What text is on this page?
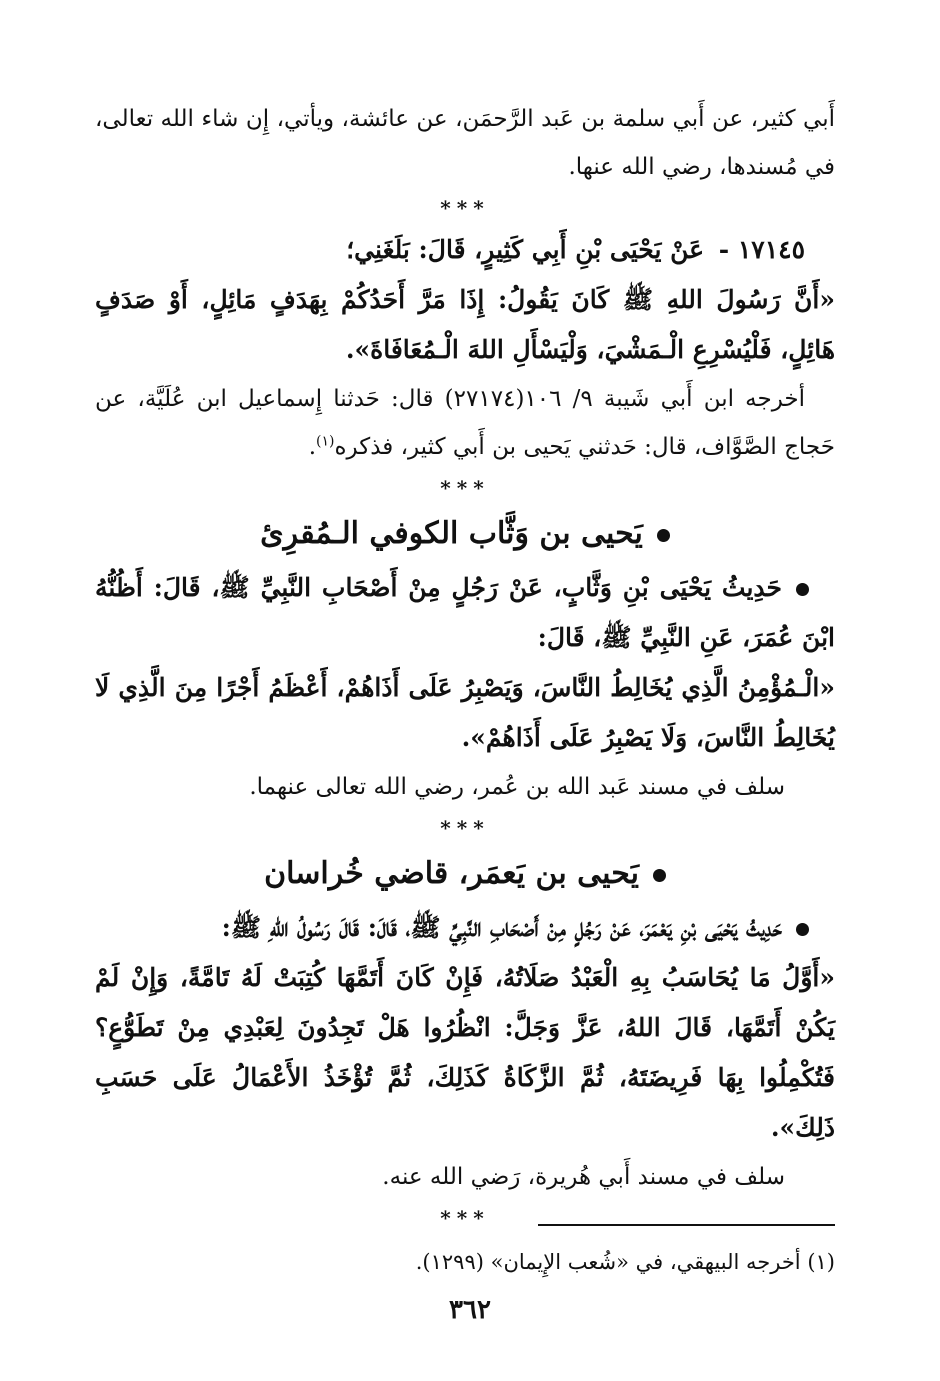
أَبي كثير، عن أَبي سلمة بن عَبد الرَّحمَن، عن عائشة، ويأتي، إِن شاء الله تعالى، في مُسندها، رضي الله عنها.

***

١٧١٤٥ - عَنْ يَحْيَى بْنِ أَبِي كَثِيرٍ، قَالَ: بَلَغَنِي؛

«أَنَّ رَسُولَ اللهِ ﷺ كَانَ يَقُولُ: إِذَا مَرَّ أَحَدُكُمْ بِهَدَفٍ مَائِلٍ، أَوْ صَدَفٍ هَائِلٍ، فَلْيُسْرِعِ الْـمَشْيَ، وَلْيَسْأَلِ اللهَ الْـمُعَافَاةَ».

أخرجه ابن أَبي شَيبة ٩/ ١٠٦(٢٧١٧٤) قال: حَدثنا إِسماعيل ابن عُلَيَّة، عن حَجاج الصَّوَّاف، قال: حَدثني يَحيى بن أَبي كثير، فذكره$^{(١)}$.

***
يَحيى بن وَثَّاب الكوفي الـمُقرِئ

حَدِيثُ يَحْيَى بْنِ وَثَّابٍ، عَنْ رَجُلٍ مِنْ أَصْحَابِ النَّبِيِّ ﷺ، قَالَ: أَظُنُّهُ ابْنَ عُمَرَ، عَنِ النَّبِيِّ ﷺ، قَالَ:

«الْـمُؤْمِنُ الَّذِي يُخَالِطُ النَّاسَ، وَيَصْبِرُ عَلَى أَذَاهُمْ، أَعْظَمُ أَجْرًا مِنَ الَّذِي لَا يُخَالِطُ النَّاسَ، وَلَا يَصْبِرُ عَلَى أَذَاهُمْ».

سلف في مسند عَبد الله بن عُمر، رضي الله تعالى عنهما.

***
يَحيى بن يَعمَر، قاضي خُراسان

حَدِيثُ يَحْيَى بْنِ يَعْمَرَ، عَنْ رَجُلٍ مِنْ أَصْحَابِ النَّبِيِّ ﷺ، قَالَ: قَالَ رَسُولُ اللهِ ﷺ:

«أَوَّلُ مَا يُحَاسَبُ بِهِ الْعَبْدُ صَلَاتُهُ، فَإِنْ كَانَ أَتَمَّهَا كُتِبَتْ لَهُ تَامَّةً، وَإِنْ لَمْ يَكُنْ أَتَمَّهَا، قَالَ اللهُ، عَزَّ وَجَلَّ: انْظُرُوا هَلْ تَجِدُونَ لِعَبْدِي مِنْ تَطَوُّعٍ؟ فَتُكْمِلُوا بِهَا فَرِيضَتَهُ، ثُمَّ الزَّكَاةُ كَذَلِكَ، ثُمَّ تُؤْخَذُ الأَعْمَالُ عَلَى حَسَبِ ذَلِكَ».

سلف في مسند أَبي هُريرة، رَضي الله عنه.

***

(١) أخرجه البيهقي، في «شُعب الإِيمان» (١٢٩٩).

٣٦٢
